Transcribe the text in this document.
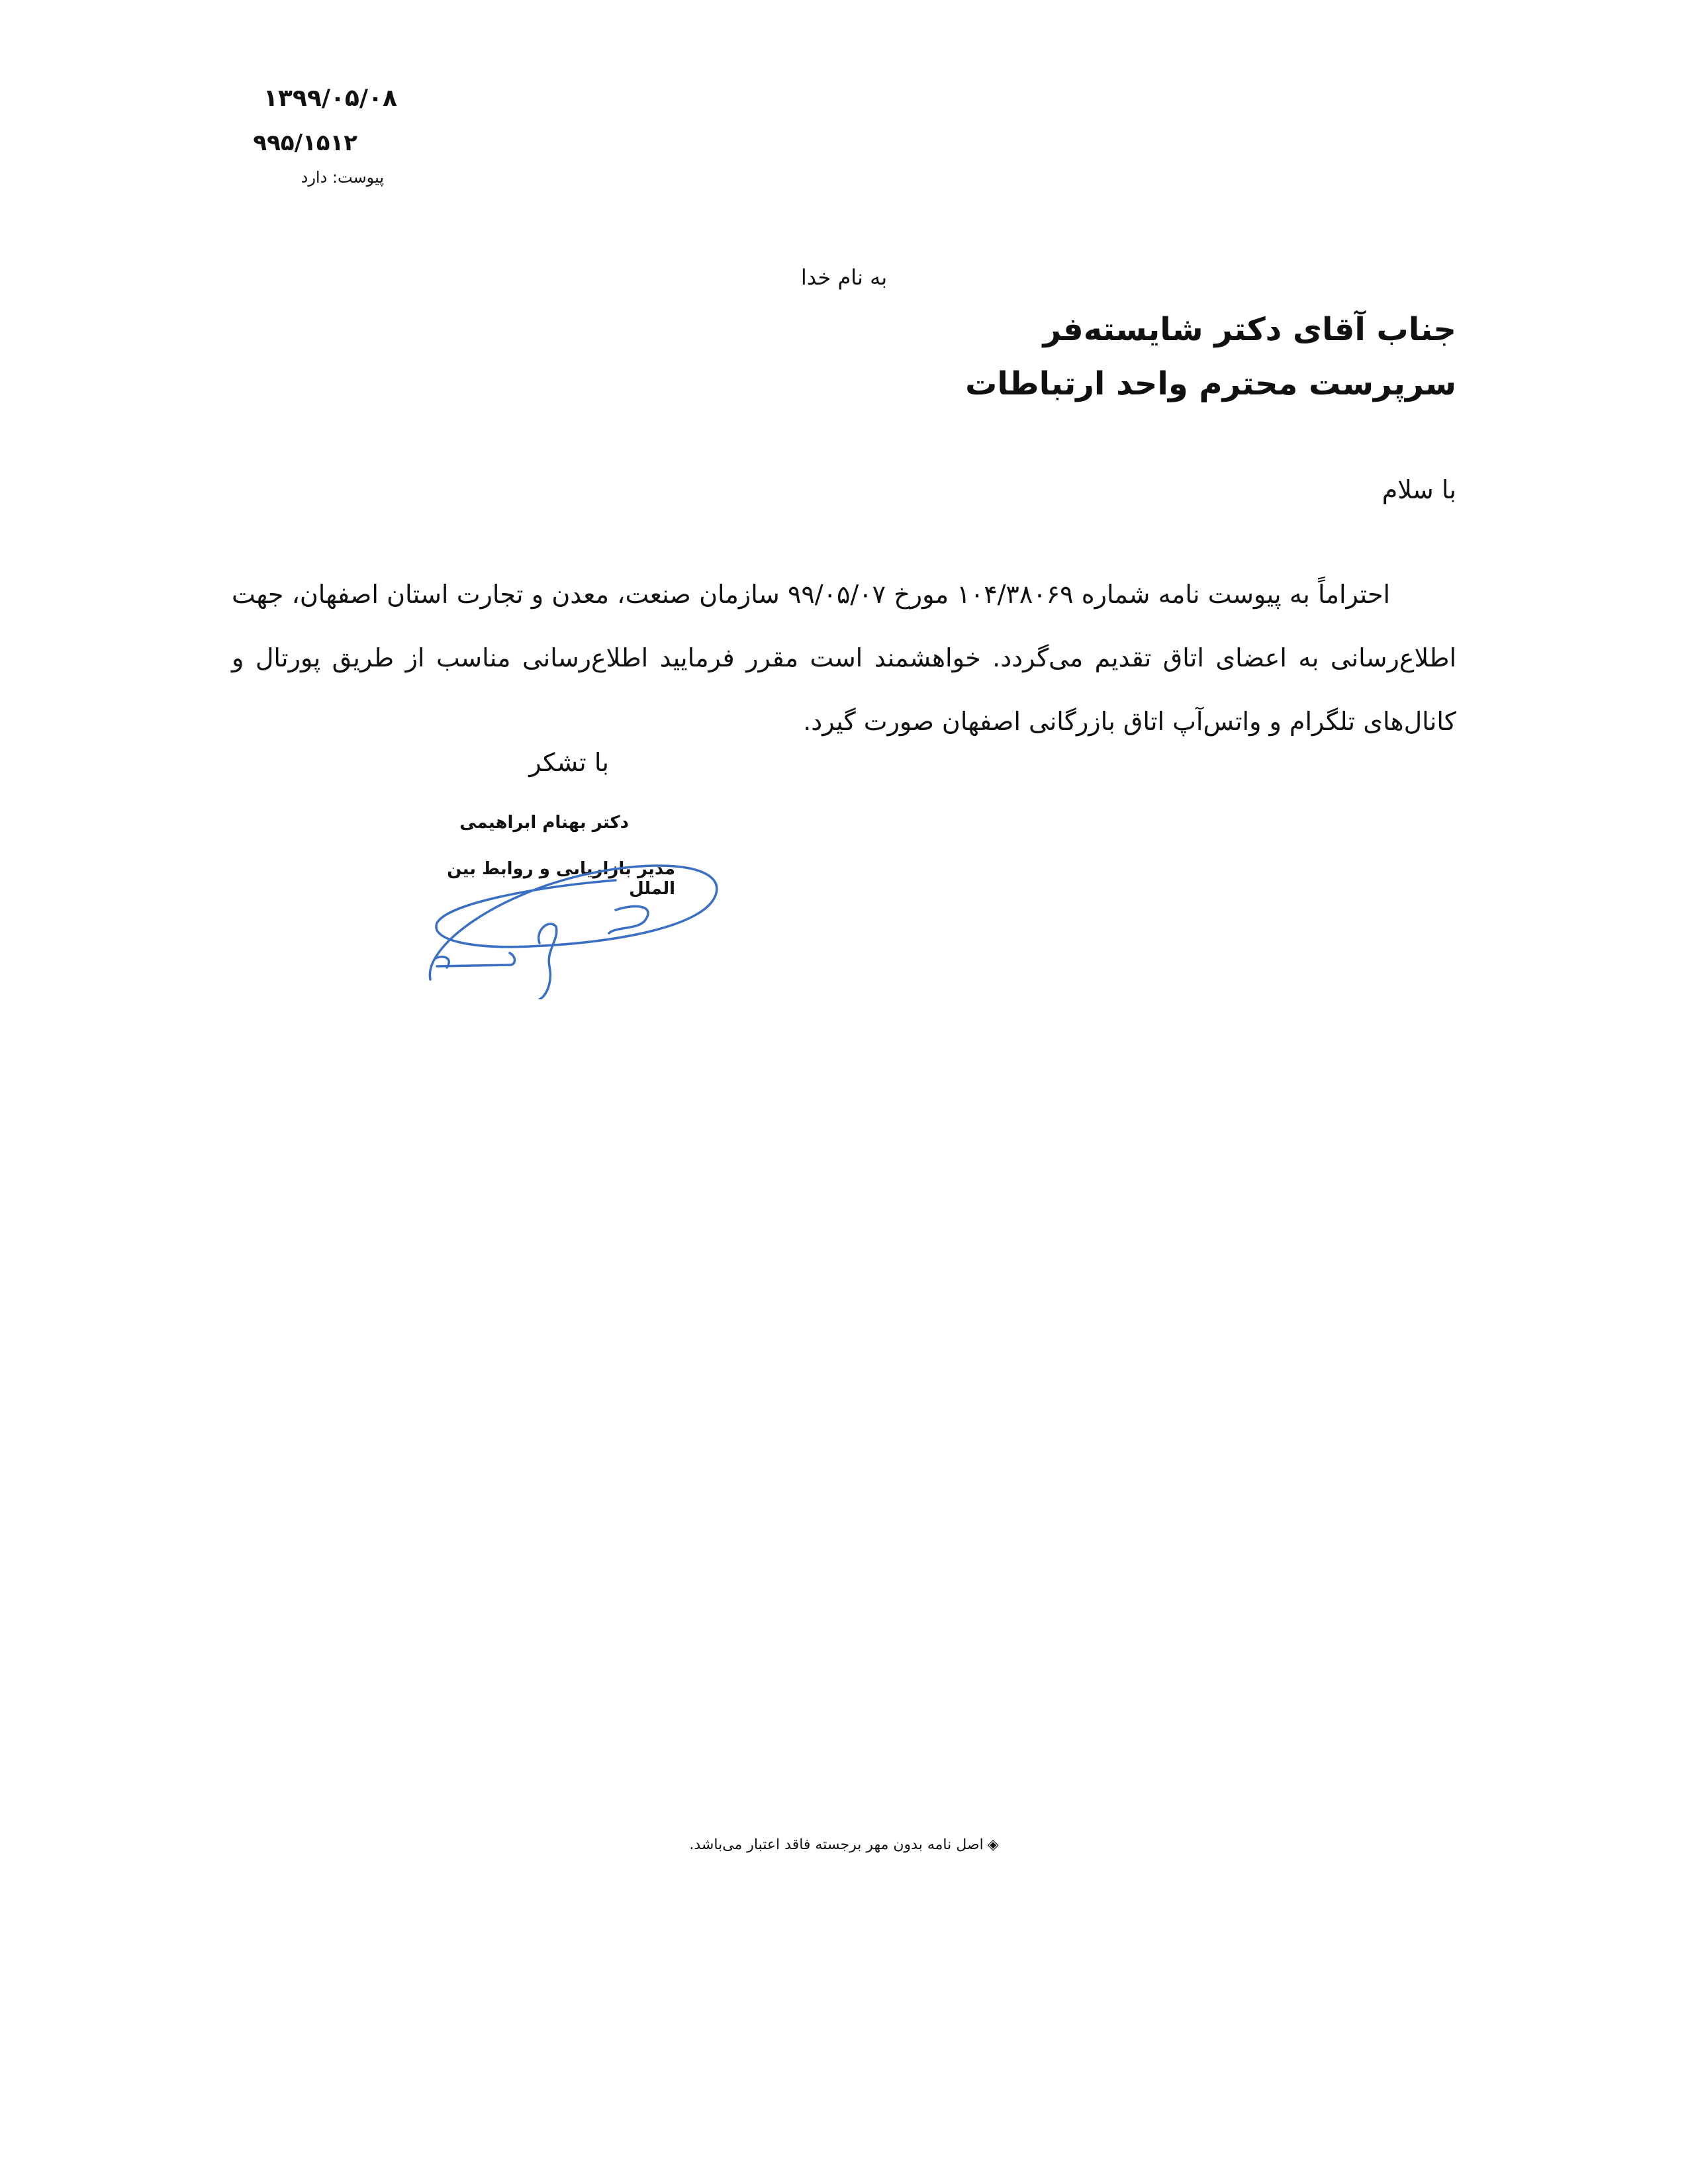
۱۳۹۹/۰۵/۰۸
۹۹۵/۱۵۱۲
پیوست: دارد
به نام خدا
جناب آقای دکتر شایسته‌فر
سرپرست محترم واحد ارتباطات
با سلام
احتراماً به پیوست نامه شماره ۱۰۴/۳۸۰۶۹ مورخ ۹۹/۰۵/۰۷ سازمان صنعت، معدن و تجارت استان اصفهان، جهت اطلاع‌رسانی به اعضای اتاق تقدیم می‌گردد. خواهشمند است مقرر فرمایید اطلاع‌رسانی مناسب از طریق پورتال و کانال‌های تلگرام و واتس‌آپ اتاق بازرگانی اصفهان صورت گیرد.
با تشکر
دکتر بهنام ابراهیمی
مدیر بازاریابی و روابط بین الملل
◈اصل نامه بدون مهر برجسته فاقد اعتبار می‌باشد.
